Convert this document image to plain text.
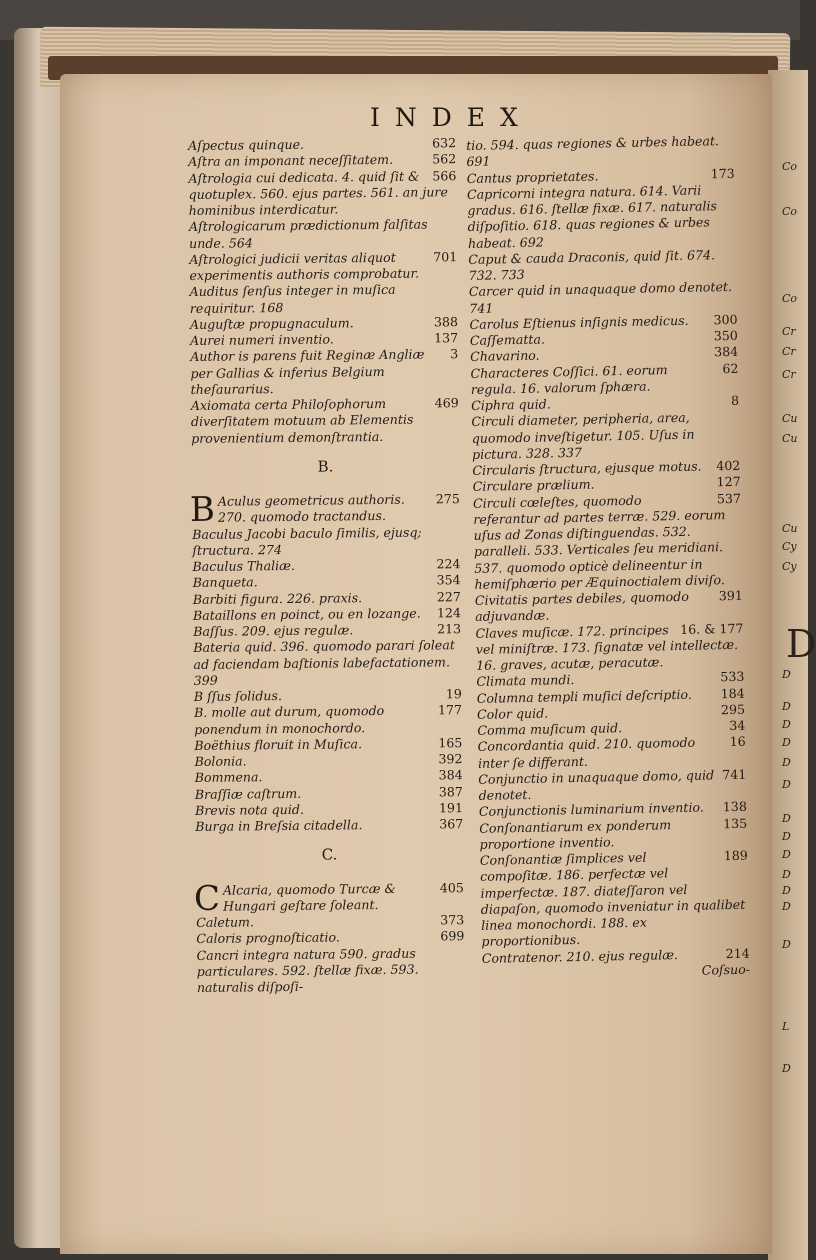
INDEX
632
Aſpectus quinque.
562
Aſtra an imponant neceſſitatem.
566
Aſtrologia cui dedicata. 4. quid ſit & quotuplex. 560. ejus partes. 561. an jure hominibus interdicatur.
Aſtrologicarum prædictionum falſitas unde. 564
701
Aſtrologici judicii veritas aliquot experimentis authoris comprobatur.
Auditus ſenſus integer in muſica requiritur. 168
388
Auguſtæ propugnaculum.
137
Aurei numeri inventio.
3
Author is parens fuit Reginæ Angliæ per Gallias & inferius Belgium theſaurarius.
469
Axiomata certa Philoſophorum diverſitatem motuum ab Elementis provenientium demonſtrantia.
B.
B	275
Aculus geometricus authoris. 270. quomodo tractandus.
Baculus Jacobi baculo ſimilis, ejusq; ſtructura. 274
224
Baculus Thaliæ.
354
Banqueta.
227
Barbiti figura. 226. praxis.
124
Bataillons en poinct, ou en lozange.
213
Baſſus. 209. ejus regulæ.
Bateria quid. 396. quomodo parari ſoleat ad faciendam baſtionis labefactationem. 399
19
B ſſus ſolidus.
177
B. molle aut durum, quomodo ponendum in monochordo.
165
Boëthius floruit in Muſica.
392
Bolonia.
384
Bommena.
387
Braſſiæ caſtrum.
191
Brevis nota quid.
367
Burga in Breſsia citadella.
C.
C	405
Alcaria, quomodo Turcæ & Hungari geſtare ſoleant.
373
Caletum.
699
Caloris prognoſticatio.
Cancri integra natura 590. gradus particulares. 592. ſtellæ fixæ. 593. naturalis diſpoſi-
tio. 594. quas regiones & urbes habeat. 691
173
Cantus proprietates.
Capricorni integra natura. 614. Varii gradus. 616. ſtellæ fixæ. 617. naturalis diſpoſitio. 618. quas regiones & urbes habeat. 692
Caput & cauda Draconis, quid ſit. 674. 732. 733
Carcer quid in unaquaque domo denotet. 741
300
Carolus Eſtienus inſignis medicus.
350
Caſſematta.
384
Chavarino.
62
Characteres Coſſici. 61. eorum regula. 16. valorum ſphæra.
8
Ciphra quid.
Circuli diameter, peripheria, area, quomodo inveſtigetur. 105. Uſus in pictura. 328. 337
402
Circularis ſtructura, ejusque motus.
127
Circulare prælium.
537
Circuli cœleſtes, quomodo referantur ad partes terræ. 529. eorum uſus ad Zonas diſtinguendas. 532. paralleli. 533. Verticales ſeu meridiani. 537. quomodo opticè delineentur in hemiſphærio per Æquinoctialem diviſo.
391
Civitatis partes debiles, quomodo adjuvandæ.
16. & 177
Claves muſicæ. 172. principes vel miniſtræ. 173. ſignatæ vel intellectæ. 16. graves, acutæ, peracutæ.
533
Climata mundi.
184
Columna templi muſici deſcriptio.
295
Color quid.
34
Comma muſicum quid.
16
Concordantia quid. 210. quomodo inter ſe differant.
741
Conjunctio in unaquaque domo, quid denotet.
138
Conjunctionis luminarium inventio.
135
Conſonantiarum ex ponderum proportione inventio.
189
Conſonantiæ ſimplices vel compoſitæ. 186. perfectæ vel imperfectæ. 187. diateſſaron vel diapaſon, quomodo inveniatur in qualibet linea monochordi. 188. ex proportionibus.
214
Contratenor. 210. ejus regulæ.
Coſsuo-
Co
Co
Co
Cr
Cr
Cr
Cu
Cu
Cu
Cy
Cy
D
D
D
D
D
D
D
D
D
D
D
D
D
L
D
D
